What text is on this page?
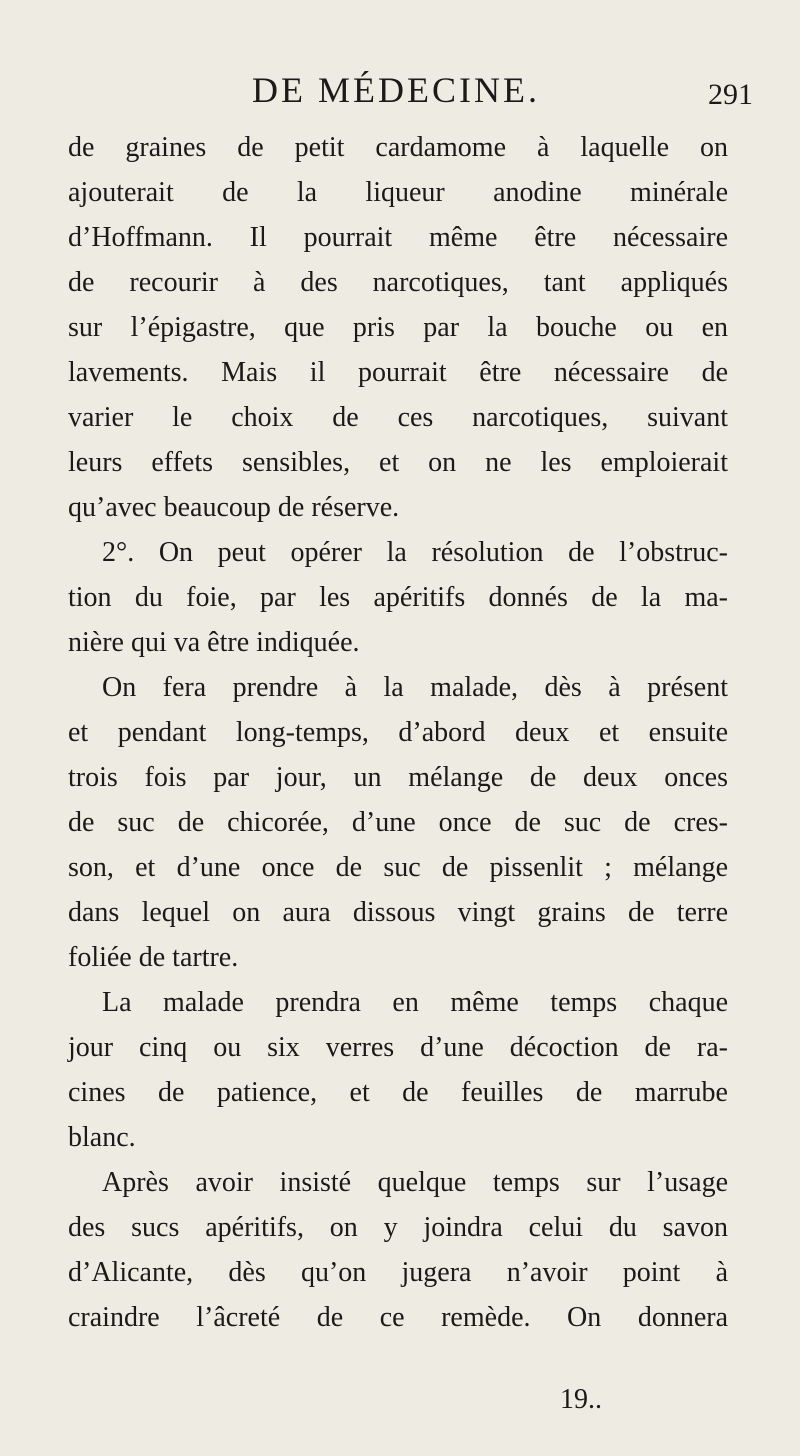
DE MÉDECINE.	291
de graines de petit cardamome à laquelle on
ajouterait de la liqueur anodine minérale
d’Hoffmann. Il pourrait même être nécessaire
de recourir à des narcotiques, tant appliqués
sur l’épigastre, que pris par la bouche ou en
lavements. Mais il pourrait être nécessaire de
varier le choix de ces narcotiques, suivant
leurs effets sensibles, et on ne les emploierait
qu’avec beaucoup de réserve.
2°. On peut opérer la résolution de l’obstruc-
tion du foie, par les apéritifs donnés de la ma-
nière qui va être indiquée.
On fera prendre à la malade, dès à présent
et pendant long-temps, d’abord deux et ensuite
trois fois par jour, un mélange de deux onces
de suc de chicorée, d’une once de suc de cres-
son, et d’une once de suc de pissenlit ; mélange
dans lequel on aura dissous vingt grains de terre
foliée de tartre.
La malade prendra en même temps chaque
jour cinq ou six verres d’une décoction de ra-
cines de patience, et de feuilles de marrube
blanc.
Après avoir insisté quelque temps sur l’usage
des sucs apéritifs, on y joindra celui du savon
d’Alicante, dès qu’on jugera n’avoir point à
craindre l’âcreté de ce remède. On donnera
19..
